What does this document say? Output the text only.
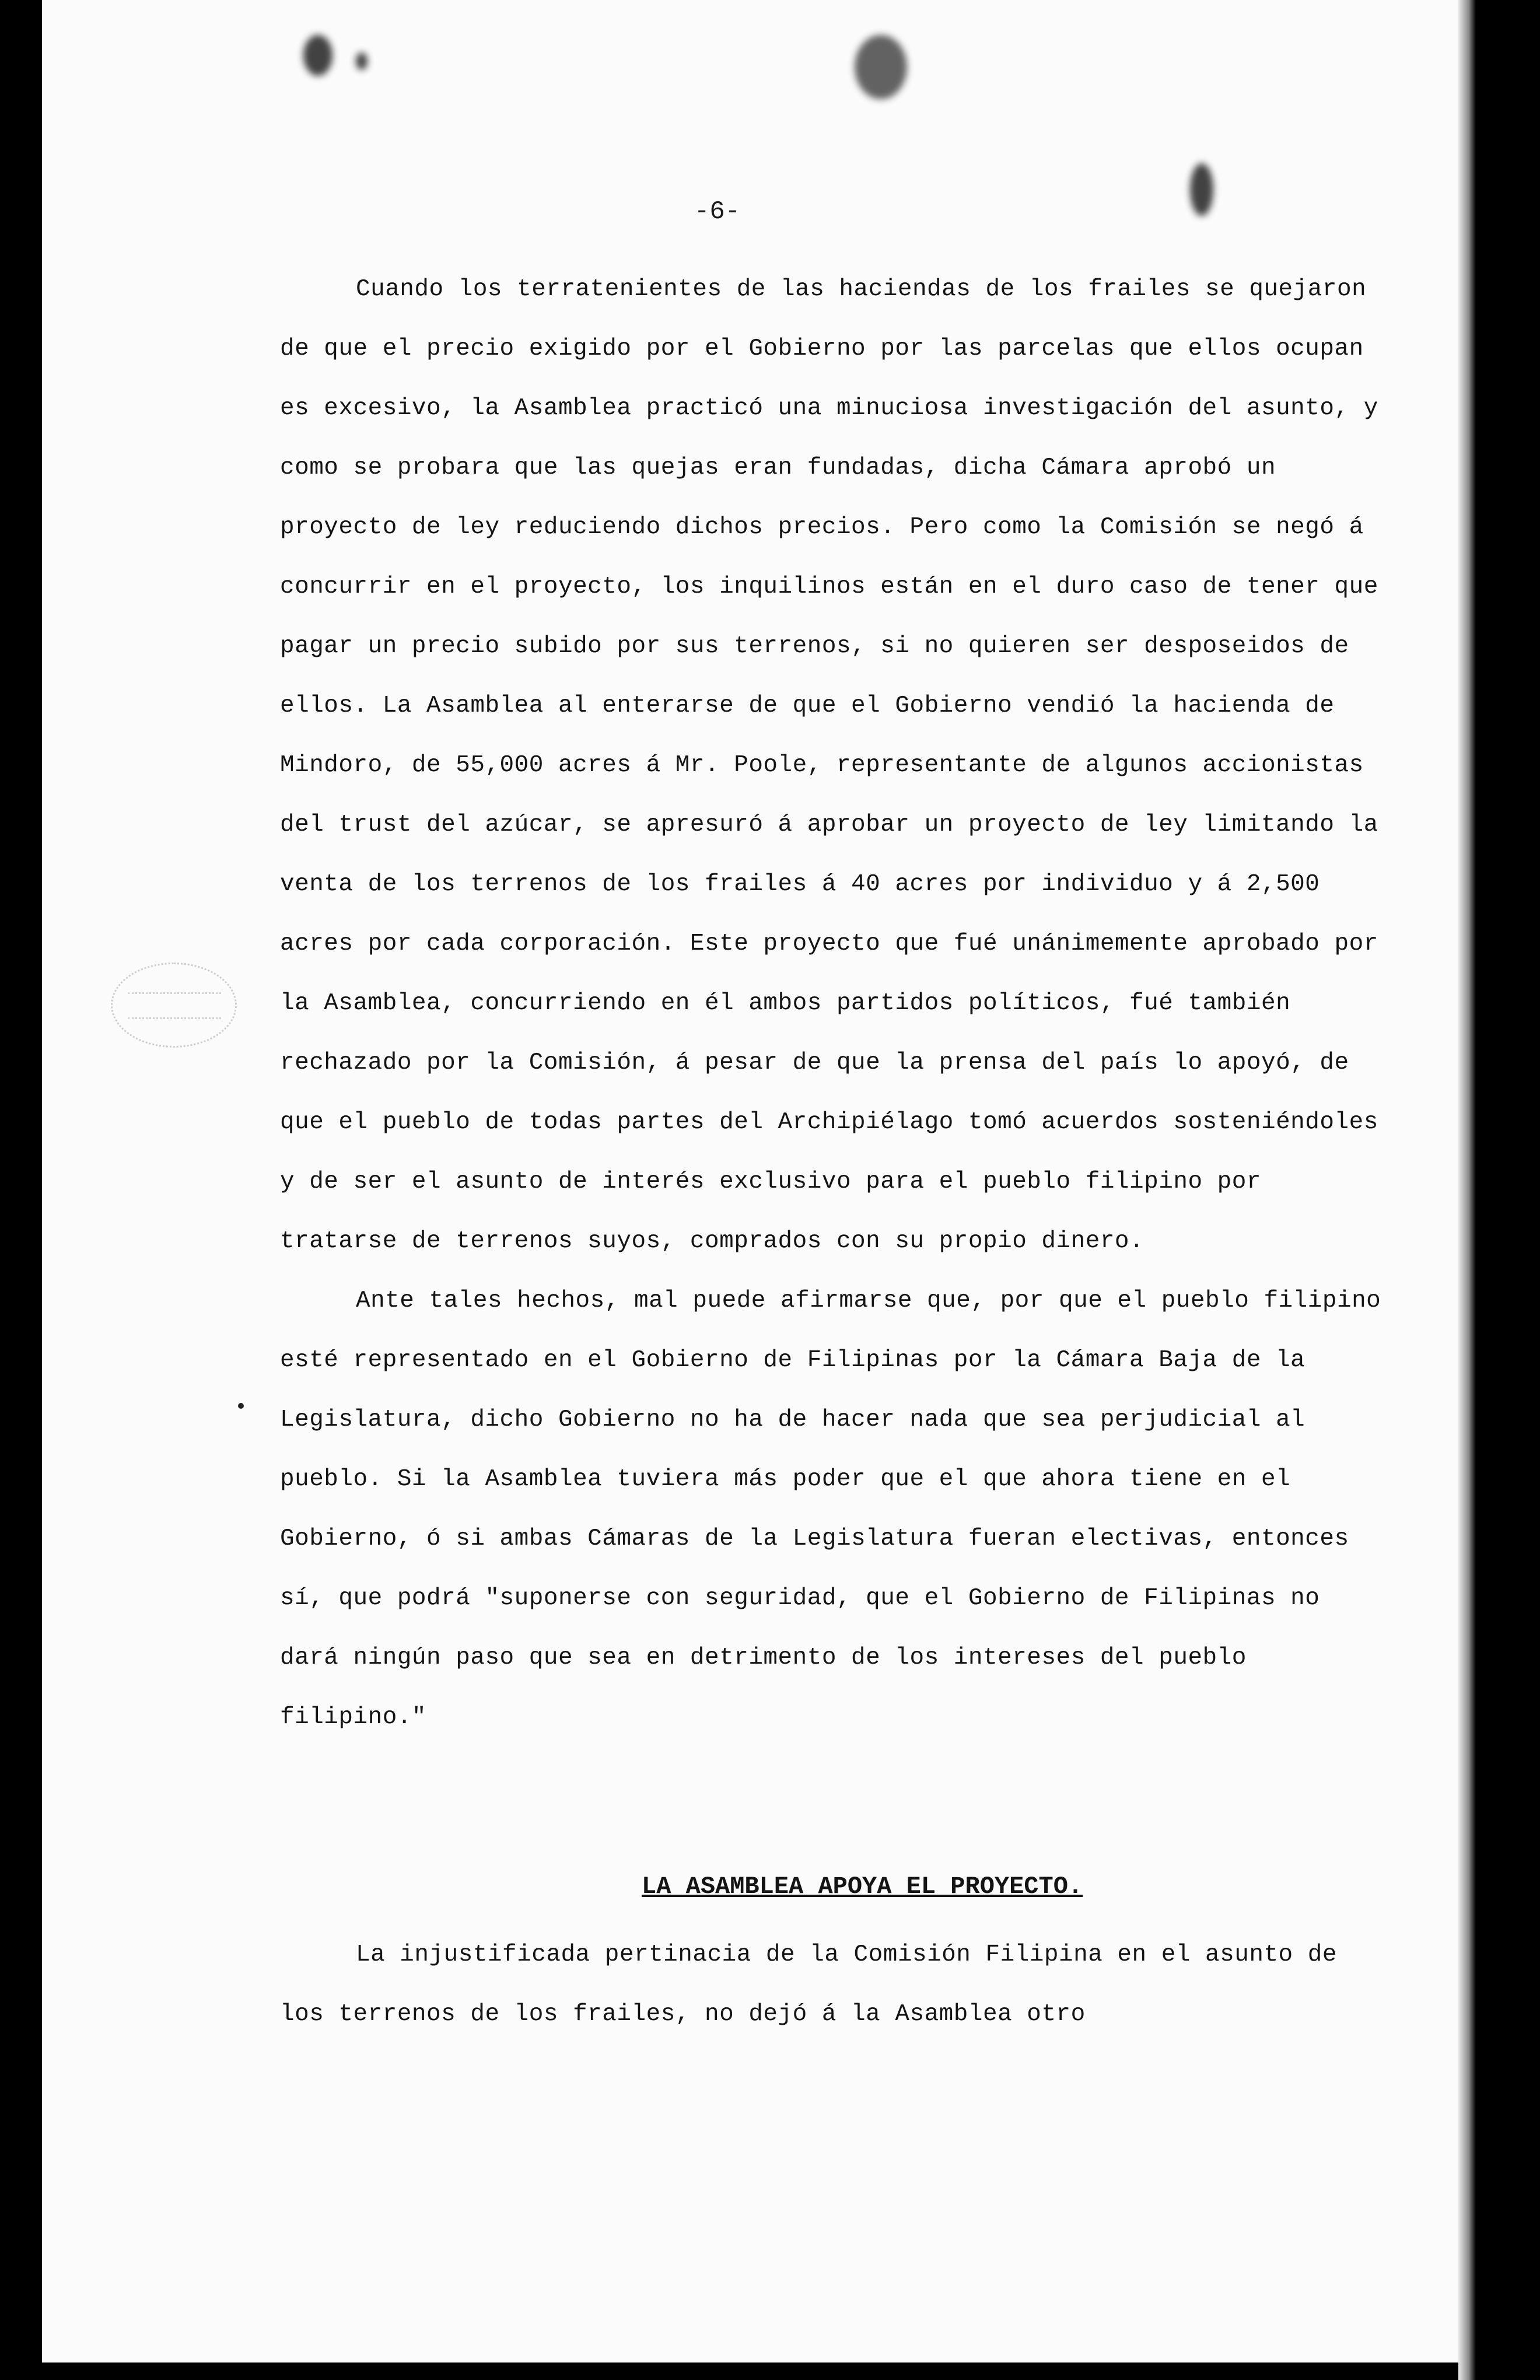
-6-

Cuando los terratenientes de las haciendas de los frailes se quejaron de que el precio exigido por el Gobierno por las parcelas que ellos ocupan es excesivo, la Asamblea practicó una minuciosa investigación del asunto, y como se probara que las quejas eran fundadas, dicha Cámara aprobó un proyecto de ley reduciendo dichos precios. Pero como la Comisión se negó á concurrir en el proyecto, los inquilinos están en el duro caso de tener que pagar un precio subido por sus terrenos, si no quieren ser desposeidos de ellos. La Asamblea al enterarse de que el Gobierno vendió la hacienda de Mindoro, de 55,000 acres á Mr. Poole, representante de algunos accionistas del trust del azúcar, se apresuró á aprobar un proyecto de ley limitando la venta de los terrenos de los frailes á 40 acres por individuo y á 2,500 acres por cada corporación. Este proyecto que fué unánimemente aprobado por la Asamblea, concurriendo en él ambos partidos políticos, fué también rechazado por la Comisión, á pesar de que la prensa del país lo apoyó, de que el pueblo de todas partes del Archipiélago tomó acuerdos sosteniéndoles y de ser el asunto de interés exclusivo para el pueblo filipino por tratarse de terrenos suyos, comprados con su propio dinero.

Ante tales hechos, mal puede afirmarse que, por que el pueblo filipino esté representado en el Gobierno de Filipinas por la Cámara Baja de la Legislatura, dicho Gobierno no ha de hacer nada que sea perjudicial al pueblo. Si la Asamblea tuviera más poder que el que ahora tiene en el Gobierno, ó si ambas Cámaras de la Legislatura fueran electivas, entonces sí, que podrá "suponerse con seguridad, que el Gobierno de Filipinas no dará ningún paso que sea en detrimento de los intereses del pueblo filipino."

LA ASAMBLEA APOYA EL PROYECTO.

La injustificada pertinacia de la Comisión Filipina en el asunto de los terrenos de los frailes, no dejó á la Asamblea otro
